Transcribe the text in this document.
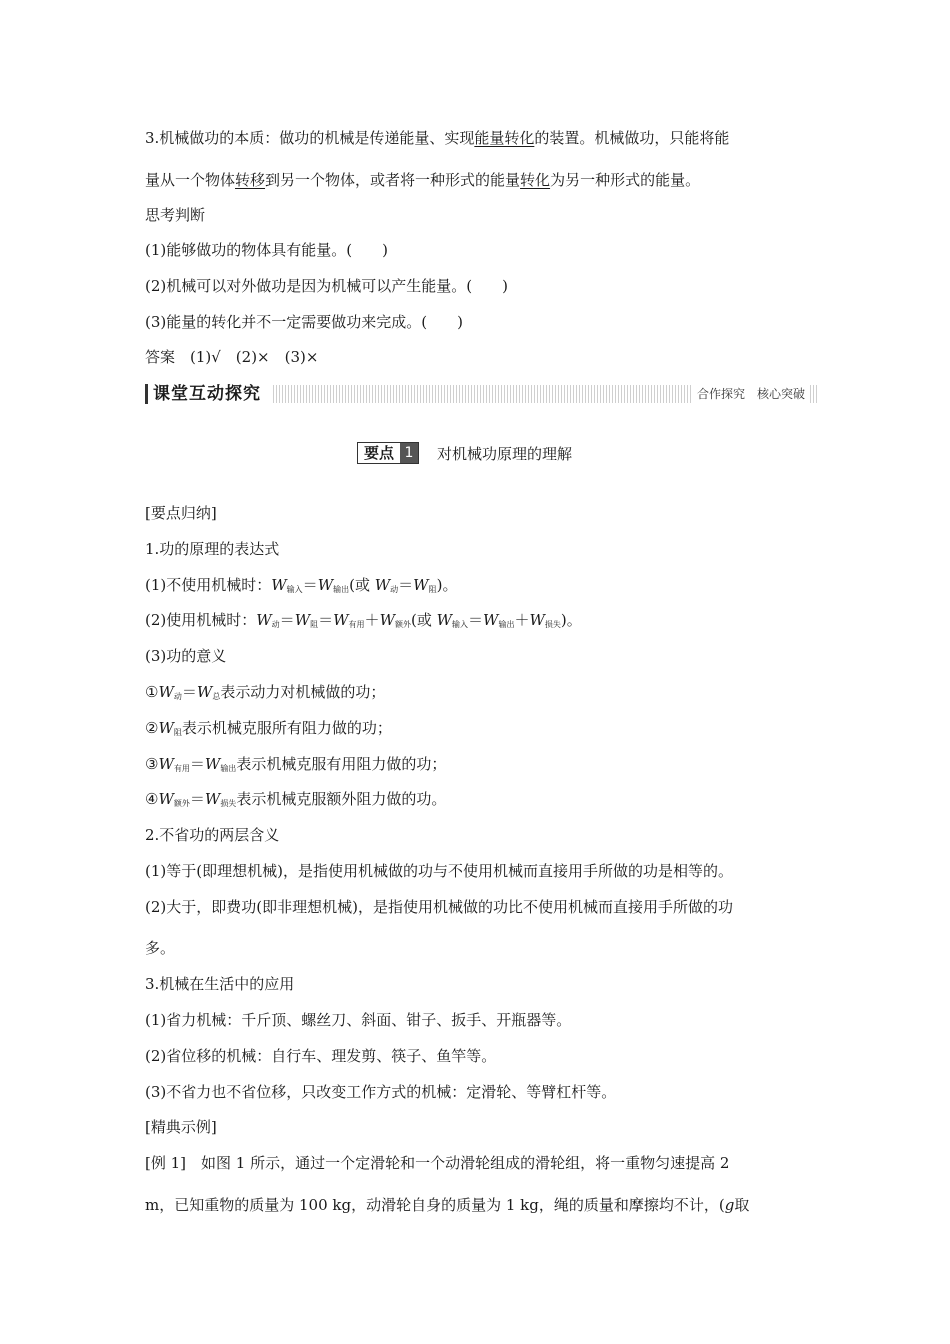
3.机械做功的本质：做功的机械是传递能量、实现能量转化的装置。机械做功，只能将能
量从一个物体转移到另一个物体，或者将一种形式的能量转化为另一种形式的能量。
思考判断
(1)能够做功的物体具有能量。(　　)
(2)机械可以对外做功是因为机械可以产生能量。(　　)
(3)能量的转化并不一定需要做功来完成。(　　)
答案　(1)√　(2)×　(3)×
课堂互动探究	合作探究　核心突破
要点 1	对机械功原理的理解
[要点归纳]
1.功的原理的表达式
(1)不使用机械时：$W_{输入}=W_{输出}$(或 $W_动=W_阻$)。
(2)使用机械时：$W_动=W_阻=W_{有用}+W_{额外}$(或 $W_{输入}=W_{输出}+W_{损失}$)。
(3)功的意义
$①W_动=W_总$表示动力对机械做的功；
$②W_阻$表示机械克服所有阻力做的功；
$③W_{有用}=W_{输出}$表示机械克服有用阻力做的功；
$④W_{额外}=W_{损失}$表示机械克服额外阻力做的功。
2.不省功的两层含义
(1)等于(即理想机械)，是指使用机械做的功与不使用机械而直接用手所做的功是相等的。
(2)大于，即费功(即非理想机械)，是指使用机械做的功比不使用机械而直接用手所做的功
多。
3.机械在生活中的应用
(1)省力机械：千斤顶、螺丝刀、斜面、钳子、扳手、开瓶器等。
(2)省位移的机械：自行车、理发剪、筷子、鱼竿等。
(3)不省力也不省位移，只改变工作方式的机械：定滑轮、等臂杠杆等。
[精典示例]
[例 1]　如图 1 所示，通过一个定滑轮和一个动滑轮组成的滑轮组，将一重物匀速提高 2
m，已知重物的质量为 100 kg，动滑轮自身的质量为 1 kg，绳的质量和摩擦均不计，(g取
